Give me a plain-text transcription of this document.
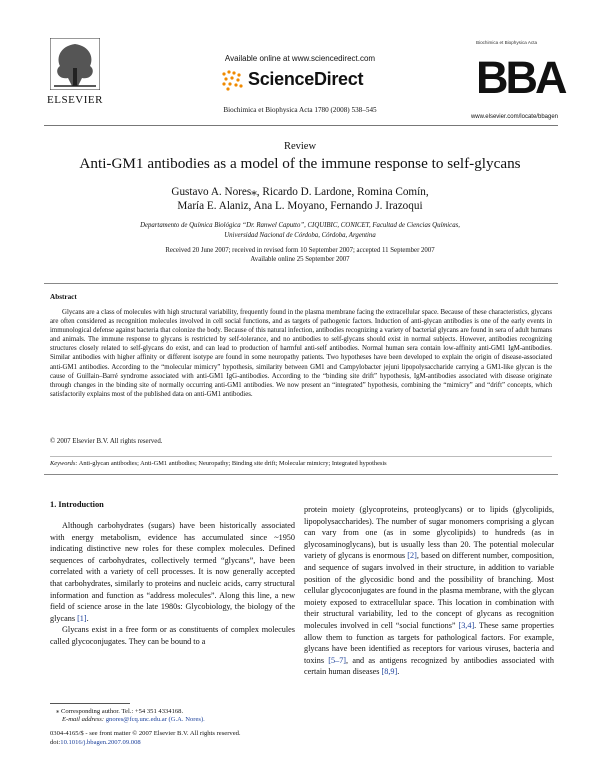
ELSEVIER
Available online at www.sciencedirect.com
ScienceDirect
Biochimica et Biophysica Acta 1780 (2008) 538–545
Biochimica et Biophysica Acta
BBA
www.elsevier.com/locate/bbagen
Review
Anti-GM1 antibodies as a model of the immune response to self-glycans
Gustavo A. Nores⁎, Ricardo D. Lardone, Romina Comín,
María E. Alaniz, Ana L. Moyano, Fernando J. Irazoqui
Departamento de Química Biológica “Dr. Ranwel Caputto”, CIQUIBIC, CONICET, Facultad de Ciencias Químicas,
Universidad Nacional de Córdoba, Córdoba, Argentina
Received 20 June 2007; received in revised form 10 September 2007; accepted 11 September 2007
Available online 25 September 2007
Abstract
Glycans are a class of molecules with high structural variability, frequently found in the plasma membrane facing the extracellular space. Because of these characteristics, glycans are often considered as recognition molecules involved in cell social functions, and as targets of pathogenic factors. Induction of anti-glycan antibodies is one of the early events in immunological defense against bacteria that colonize the body. Because of this natural infection, antibodies recognizing a variety of bacterial glycans are found in sera of adult humans and animals. The immune response to glycans is restricted by self-tolerance, and no antibodies to self-glycans should exist in normal subjects. However, antibodies recognizing structures closely related to self-glycans do exist, and can lead to production of harmful anti-self antibodies. Normal human sera contain low-affinity anti-GM1 IgM-antibodies. Similar antibodies with higher affinity or different isotype are found in some neuropathy patients. Two hypotheses have been developed to explain the origin of disease-associated anti-GM1 antibodies. According to the “molecular mimicry” hypothesis, similarity between GM1 and Campylobacter jejuni lipopolysaccharide carrying a GM1-like glycan is the cause of Guillain–Barré syndrome associated with anti-GM1 IgG-antibodies. According to the “binding site drift” hypothesis, IgM-antibodies associated with disease originate through changes in the binding site of normally occurring anti-GM1 antibodies. We now present an “integrated” hypothesis, combining the “mimicry” and “drift” concepts, which satisfactorily explains most of the published data on anti-GM1 antibodies.
© 2007 Elsevier B.V. All rights reserved.
Keywords: Anti-glycan antibodies; Anti-GM1 antibodies; Neuropathy; Binding site drift; Molecular mimicry; Integrated hypothesis
1. Introduction

Although carbohydrates (sugars) have been historically associated with energy metabolism, evidence has accumulated since ~1950 indicating distinctive new roles for these complex molecules. Defined sequences of carbohydrates, collectively termed “glycans”, have been correlated with a variety of cell processes. It is now generally accepted that carbohydrates, similarly to proteins and nucleic acids, carry structural information and function as “address molecules”. Along this line, a new field of science arose in the late 1980s: Glycobiology, the biology of the glycans [1].

Glycans exist in a free form or as constituents of complex molecules called glycoconjugates. They can be bound to a

protein moiety (glycoproteins, proteoglycans) or to lipids (glycolipids, lipopolysaccharides). The number of sugar monomers comprising a glycan can vary from one (as in some glycolipids) to hundreds (as in glycosaminoglycans), but is usually less than 20. The potential molecular variety of glycans is enormous [2], based on different number, composition, and sequence of sugars involved in their structure, in addition to variable position of the glycosidic bond and the possibility of branching. Most cellular glycoconjugates are found in the plasma membrane, with the glycan moiety exposed to extracellular space. This location in combination with their structural variability, led to the concept of glycans as recognition molecules involved in cell “social functions” [3,4]. These same properties allow them to function as targets for pathological factors. For example, glycans have been identified as receptors for various viruses, bacteria and toxins [5–7], and as antigens recognized by antibodies associated with certain human diseases [8,9].

⁎ Corresponding author. Tel.: +54 351 4334168.
E-mail address: gnores@fcq.unc.edu.ar (G.A. Nores).
0304-4165/$ - see front matter © 2007 Elsevier B.V. All rights reserved.
doi:10.1016/j.bbagen.2007.09.008
